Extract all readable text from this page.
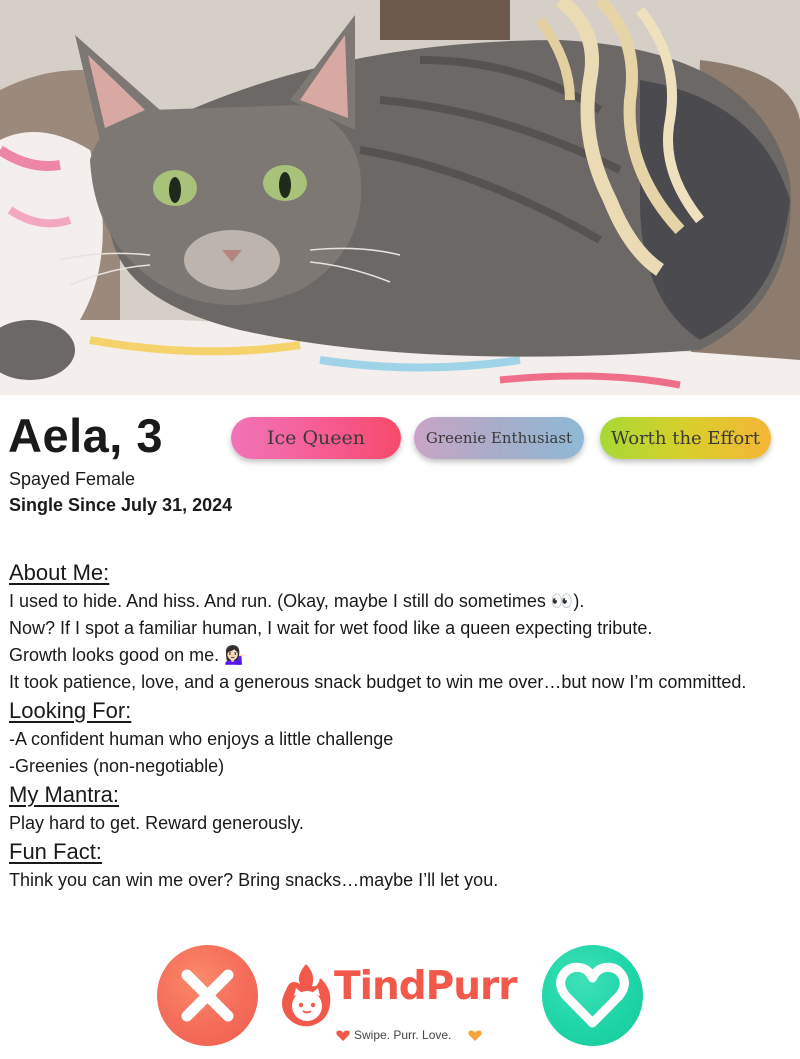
Aela, 3	Ice Queen	Greenie Enthusiast	Worth the Effort
Spayed Female
Single Since July 31, 2024
About Me:

I used to hide. And hiss. And run. (Okay, maybe I still do sometimes 👀).

Now? If I spot a familiar human, I wait for wet food like a queen expecting tribute.

Growth looks good on me. 💁🏻‍♀️

It took patience, love, and a generous snack budget to win me over…but now I’m committed.

Looking For:

-A confident human who enjoys a little challenge

-Greenies (non-negotiable)

My Mantra:

Play hard to get. Reward generously.

Fun Fact:

Think you can win me over? Bring snacks…maybe I’ll let you.

TindPurr
Swipe. Purr. Love.
